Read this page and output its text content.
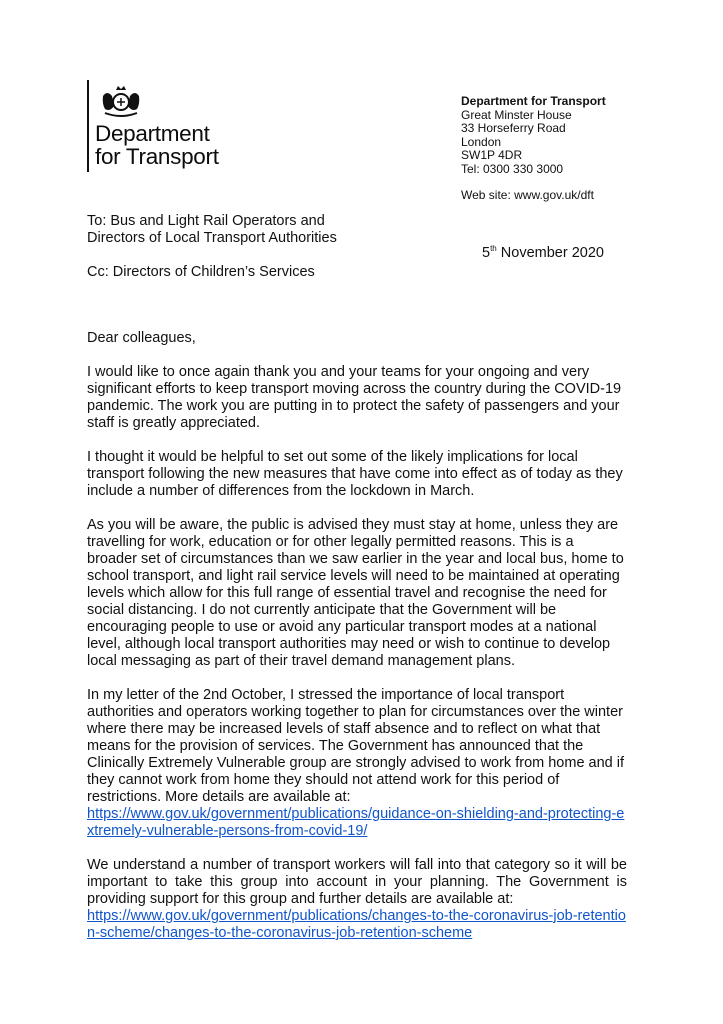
Department
for Transport
Department for Transport
Great Minster House
33 Horseferry Road
London
SW1P 4DR
Tel: 0300 330 3000
Web site: www.gov.uk/dft
To: Bus and Light Rail Operators and
Directors of Local Transport Authorities
5th November 2020
Cc: Directors of Children’s Services

Dear colleagues,

I would like to once again thank you and your teams for your ongoing and very significant efforts to keep transport moving across the country during the COVID-19 pandemic. The work you are putting in to protect the safety of passengers and your staff is greatly appreciated.

I thought it would be helpful to set out some of the likely implications for local transport following the new measures that have come into effect as of today as they include a number of differences from the lockdown in March.

As you will be aware, the public is advised they must stay at home, unless they are travelling for work, education or for other legally permitted reasons. This is a broader set of circumstances than we saw earlier in the year and local bus, home to school transport, and light rail service levels will need to be maintained at operating levels which allow for this full range of essential travel and recognise the need for social distancing. I do not currently anticipate that the Government will be encouraging people to use or avoid any particular transport modes at a national level, although local transport authorities may need or wish to continue to develop local messaging as part of their travel demand management plans.

In my letter of the 2nd October, I stressed the importance of local transport authorities and operators working together to plan for circumstances over the winter where there may be increased levels of staff absence and to reflect on what that means for the provision of services. The Government has announced that the Clinically Extremely Vulnerable group are strongly advised to work from home and if they cannot work from home they should not attend work for this period of restrictions. More details are available at:
https://www.gov.uk/government/publications/guidance-on-shielding-and-protecting-extremely-vulnerable-persons-from-covid-19/

We understand a number of transport workers will fall into that category so it will be important to take this group into account in your planning. The Government is providing support for this group and further details are available at:
https://www.gov.uk/government/publications/changes-to-the-coronavirus-job-retention-scheme/changes-to-the-coronavirus-job-retention-scheme
